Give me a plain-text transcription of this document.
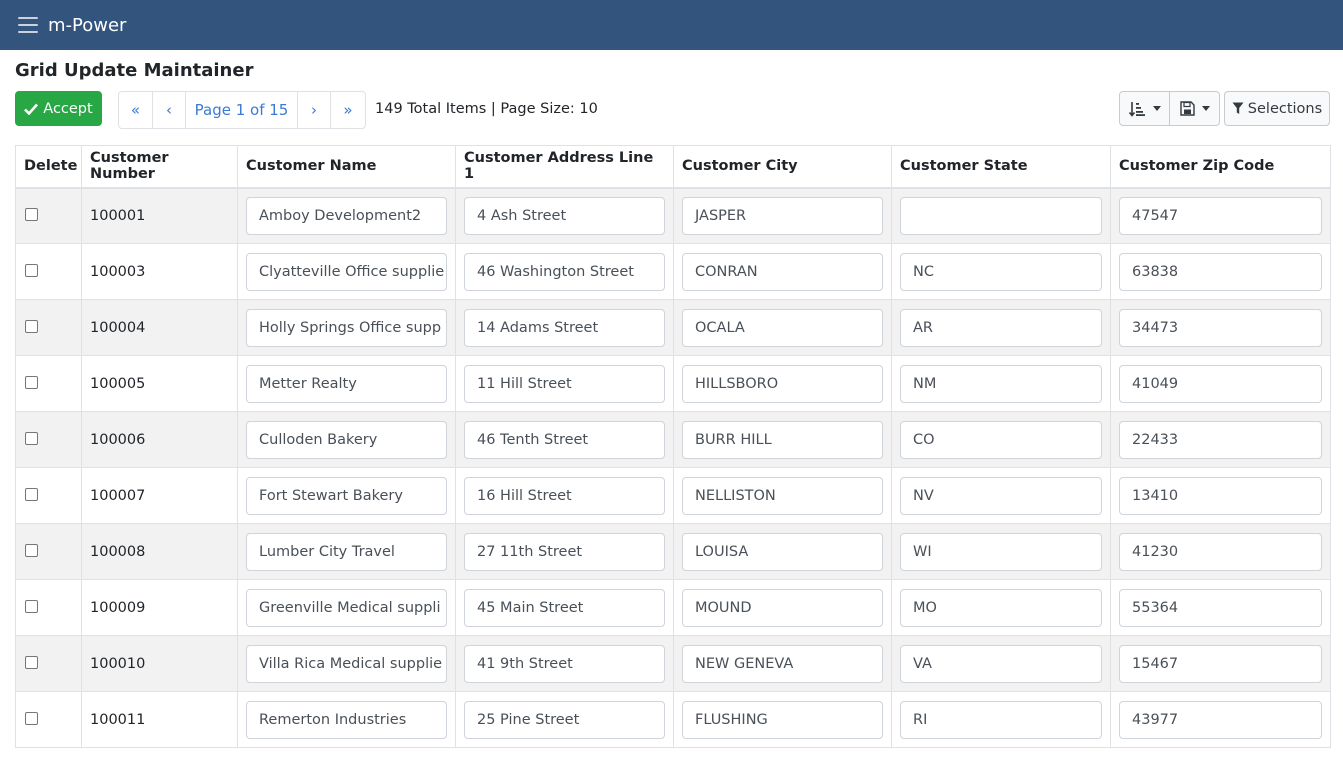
m-Power
Grid Update Maintainer
Accept	«	‹	Page 1 of 15	›	»	149 Total Items | Page Size: 10	Selections
Delete	Customer Number	Customer Name	Customer Address Line 1	Customer City	Customer State	Customer Zip Code
	100001	Amboy Development2	4 Ash Street	JASPER		47547

	100003	Clyatteville Office supplie	46 Washington Street	CONRAN	NC	63838

	100004	Holly Springs Office supp	14 Adams Street	OCALA	AR	34473

	100005	Metter Realty	11 Hill Street	HILLSBORO	NM	41049

	100006	Culloden Bakery	46 Tenth Street	BURR HILL	CO	22433

	100007	Fort Stewart Bakery	16 Hill Street	NELLISTON	NV	13410

	100008	Lumber City Travel	27 11th Street	LOUISA	WI	41230

	100009	Greenville Medical suppli	45 Main Street	MOUND	MO	55364

	100010	Villa Rica Medical supplie	41 9th Street	NEW GENEVA	VA	15467

	100011	Remerton Industries	25 Pine Street	FLUSHING	RI	43977
